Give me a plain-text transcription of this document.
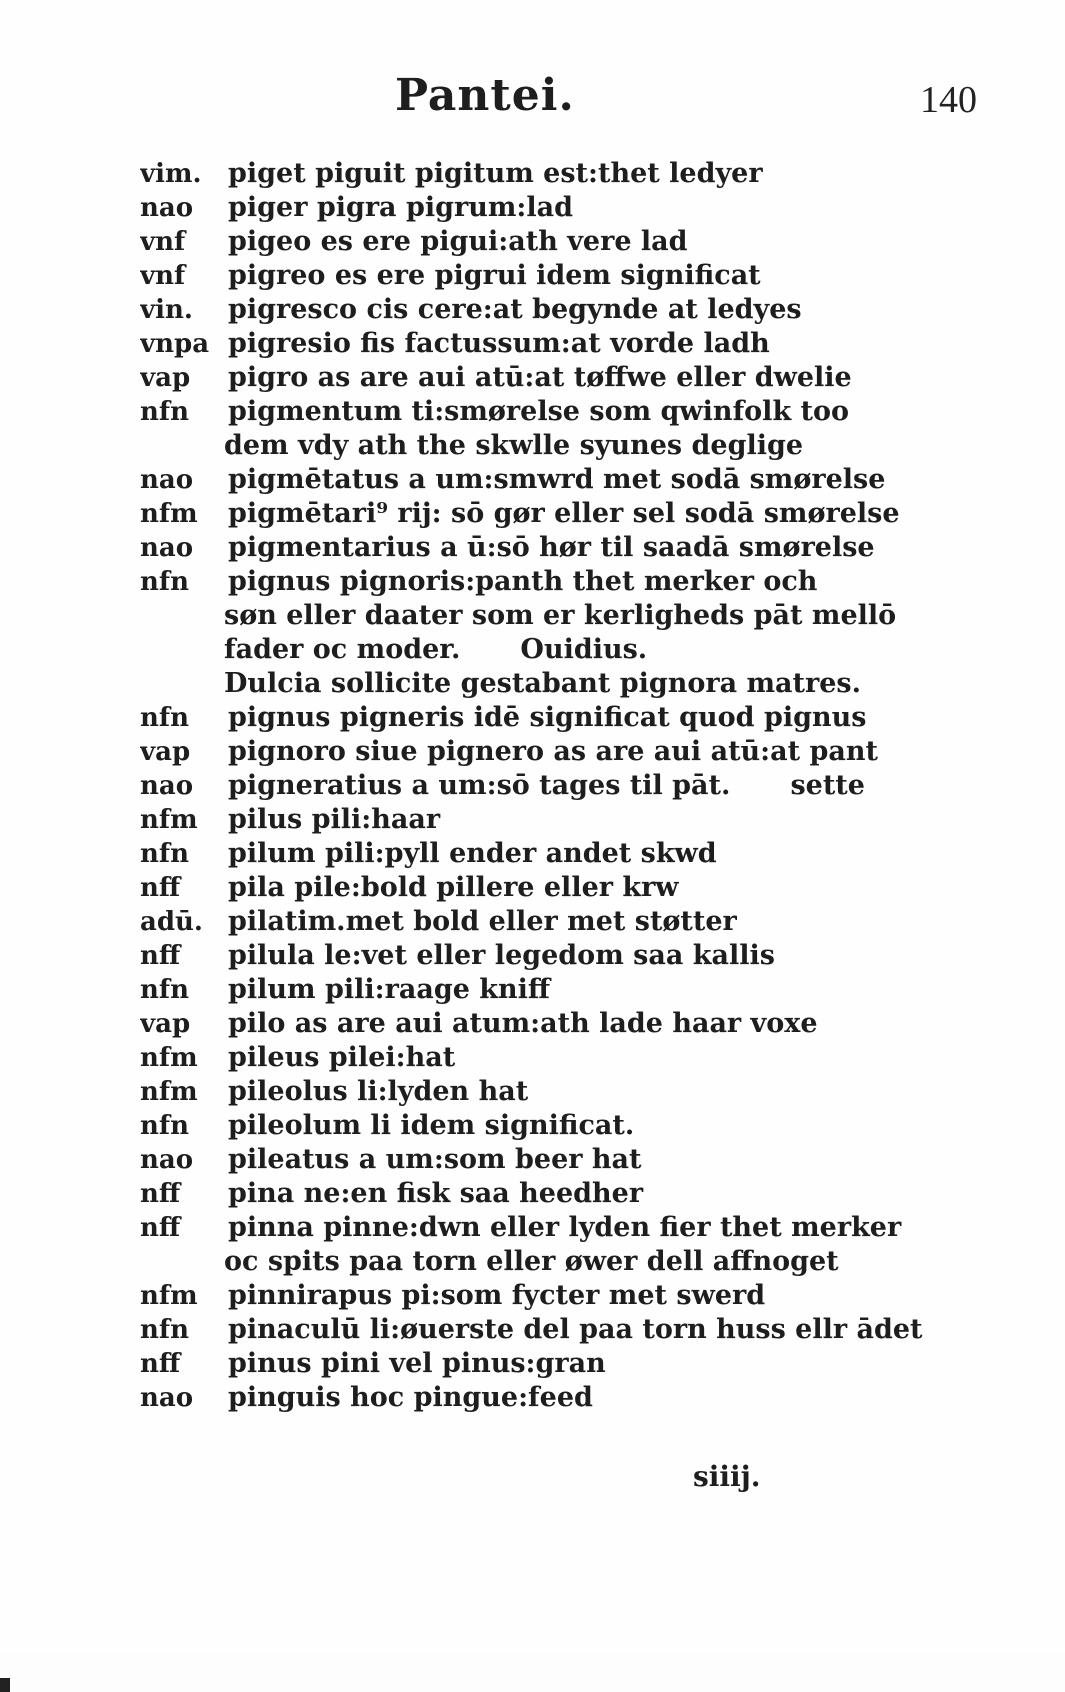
Pantei.	140
vim. piget piguit pigitum est:thet ledyer
nao	piger pigra pigrum:lad
vnf	pigeo es ere pigui:ath vere lad
vnf	pigreo es ere pigrui idem significat
vin.	pigresco cis cere:at begynde at ledyes
vnpa pigresio fis factussum:at vorde ladh
vap	pigro as are aui atū:at tøffwe eller dwelie
nfn	pigmentum ti:smørelse som qwinfolk too
dem vdy ath the skwlle syunes deglige
nao	pigmētatus a um:smwrd met sodā smørelse
nfm	pigmētari⁹ rij: sō gør eller sel sodā smørelse
nao	pigmentarius a ū:sō hør til saadā smørelse
nfn	pignus pignoris:panth thet merker och
søn eller daater som er kerligheds pāt mellō
fader oc moder. Ouidius.
Dulcia sollicite gestabant pignora matres.
nfn	pignus pigneris idē significat quod pignus
vap	pignoro siue pignero as are aui atū:at pant
nao	pigneratius a um:sō tages til pāt. sette
nfm	pilus pili:haar
nfn	pilum pili:pyll ender andet skwd
nff	pila pile:bold pillere eller krw
adū. pilatim.met bold eller met støtter
nff	pilula le:vet eller legedom saa kallis
nfn	pilum pili:raage kniff
vap	pilo as are aui atum:ath lade haar voxe
nfm	pileus pilei:hat
nfm	pileolus li:lyden hat
nfn	pileolum li idem significat.
nao	pileatus a um:som beer hat
nff	pina ne:en fisk saa heedher
nff	pinna pinne:dwn eller lyden fier thet merker
oc spits paa torn eller øwer dell affnoget
nfm	pinnirapus pi:som fycter met swerd
nfn	pinaculū li:øuerste del paa torn huss ellr ādet
nff	pinus pini vel pinus:gran
nao	pinguis hoc pingue:feed
siiij.
